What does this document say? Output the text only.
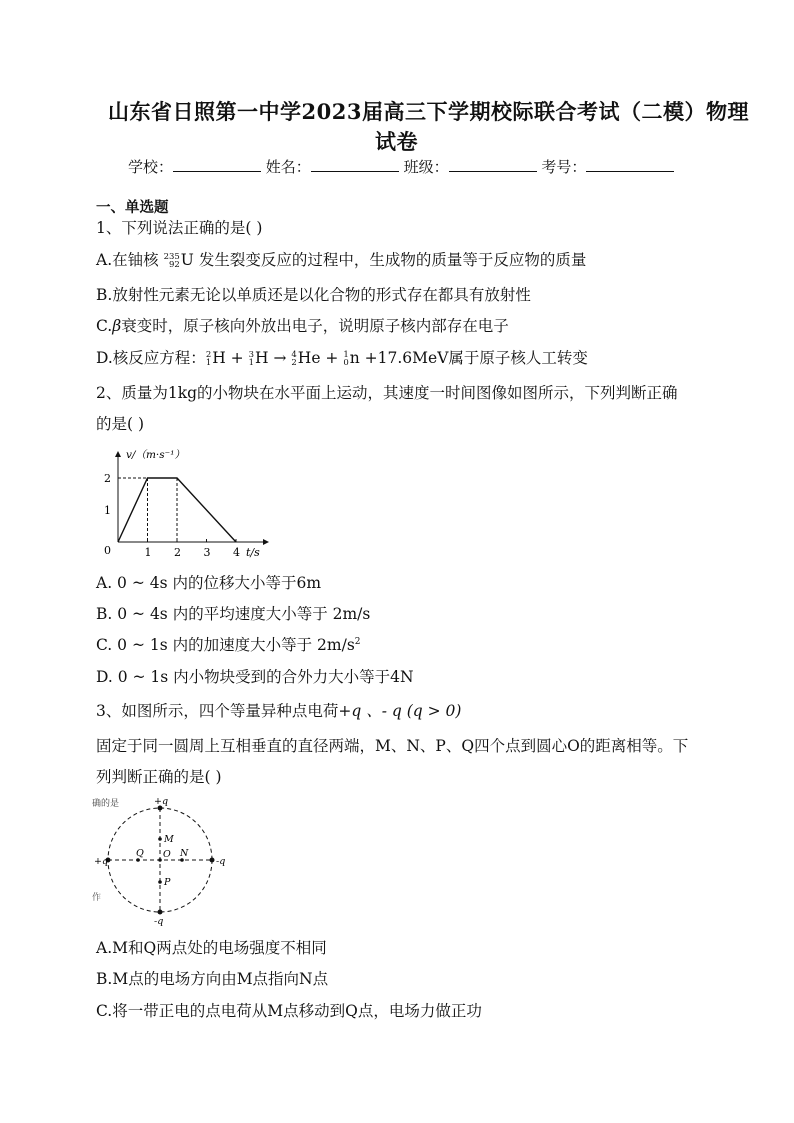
山东省日照第一中学2023届高三下学期校际联合考试（二模）物理
试卷
学校：	姓名：	班级：	考号：
一、单选题
1、下列说法正确的是( )
A.在铀核 235
92 U 发生裂变反应的过程中，生成物的质量等于反应物的质量
B.放射性元素无论以单质还是以化合物的形式存在都具有放射性
C.β衰变时，原子核向外放出电子，说明原子核内部存在电子
D.核反应方程： 2
1 H + 3
1 H → 4
2 He + 1
0 n +17.6MeV属于原子核人工转变
2、质量为1kg的小物块在水平面上运动，其速度一时间图像如图所示，下列判断正确
的是( )
v/（m·s⁻¹）
t/s
0	1 2 3 4
1
2
A. 0 ~ 4s 内的位移大小等于6m
B. 0 ~ 4s 内的平均速度大小等于 2m/s
C. 0 ~ 1s 内的加速度大小等于 $2m/s^2$
D. 0 ~ 1s 内小物块受到的合外力大小等于4N
3、如图所示，四个等量异种点电荷+q 、- q (q > 0)
固定于同一圆周上互相垂直的直径两端，M、N、P、Q四个点到圆心O的距离相等。下
列判断正确的是( )
确的是	+q
-q
+q	-q
M
P
Q	N
O
作
A.M和Q两点处的电场强度不相同
B.M点的电场方向由M点指向N点
C.将一带正电的点电荷从M点移动到Q点，电场力做正功
